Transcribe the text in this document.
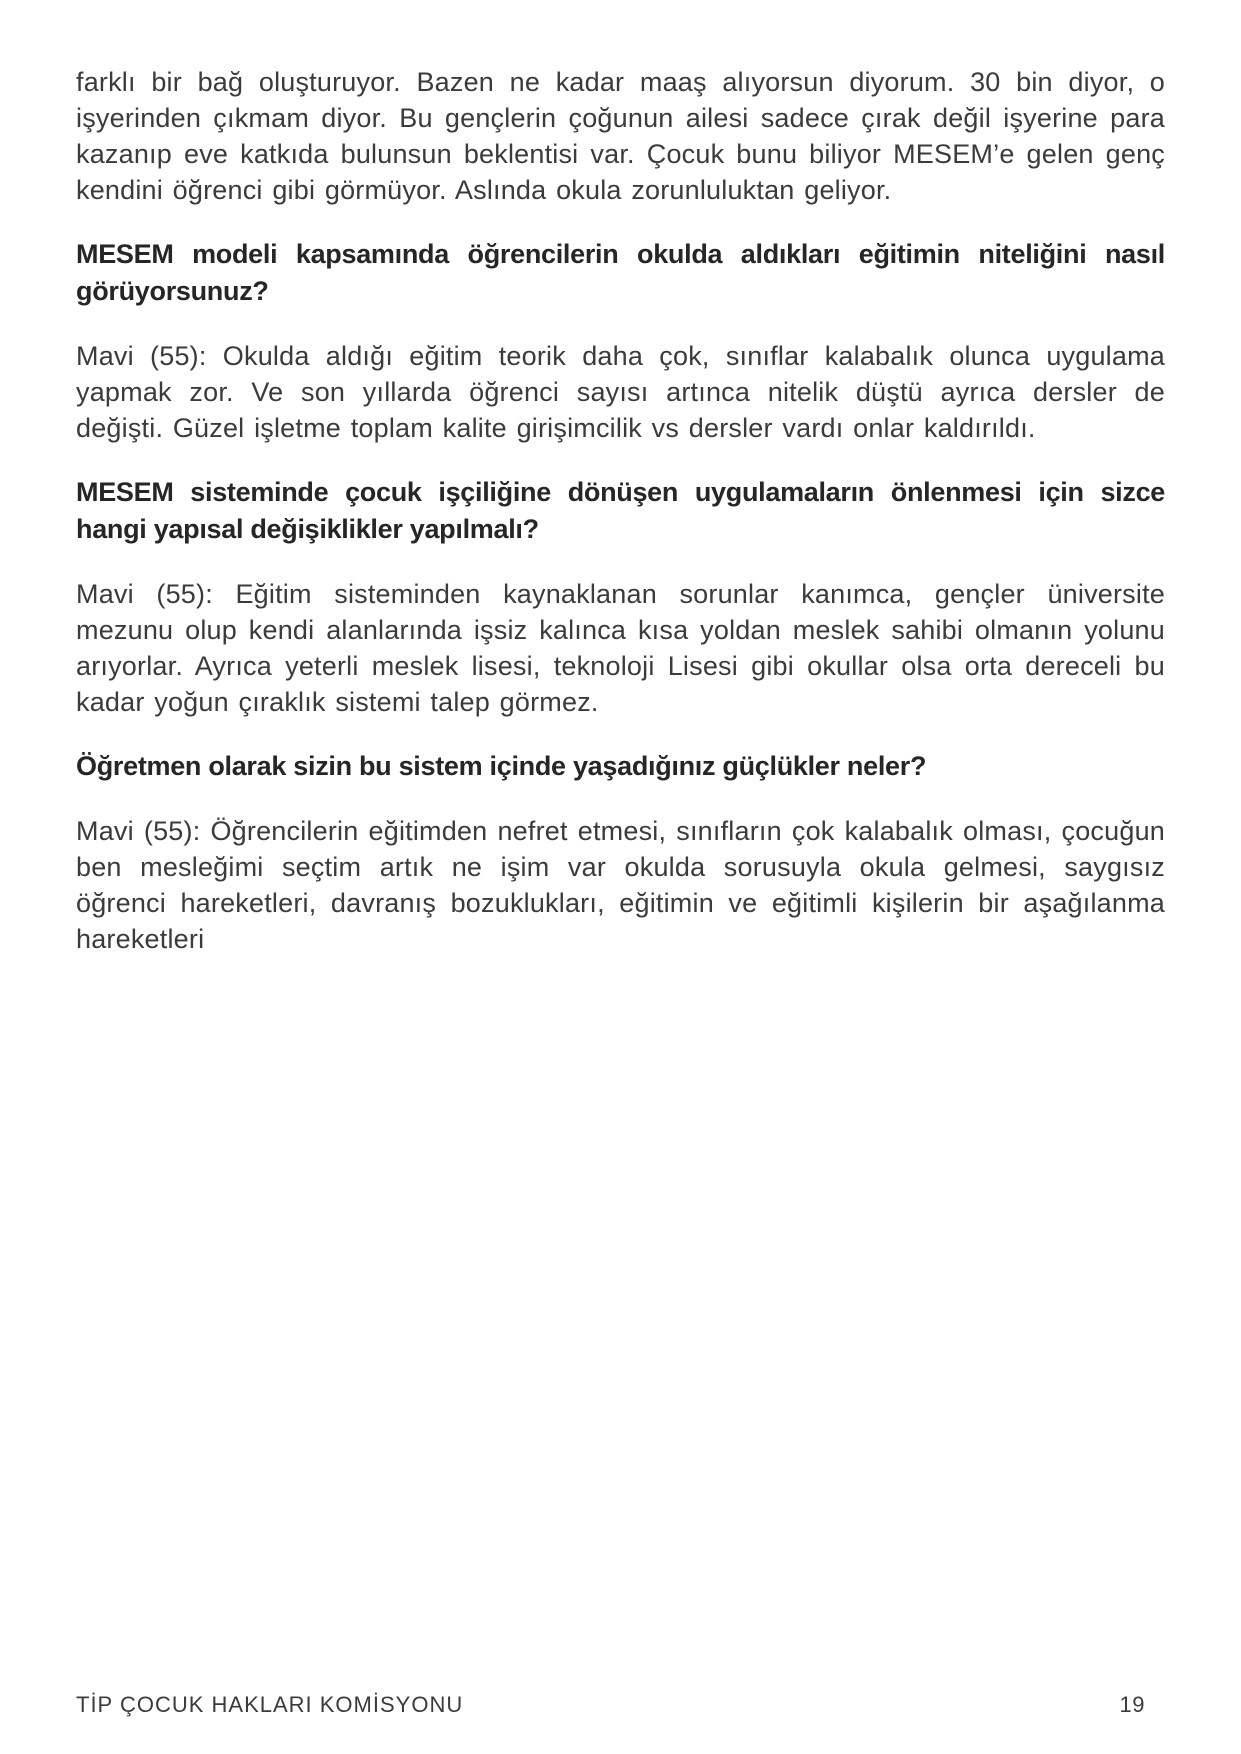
farklı bir bağ oluşturuyor. Bazen ne kadar maaş alıyorsun diyorum. 30 bin diyor, o işyerinden çıkmam diyor. Bu gençlerin çoğunun ailesi sadece çırak değil işyerine para kazanıp eve katkıda bulunsun beklentisi var. Çocuk bunu biliyor MESEM’e gelen genç kendini öğrenci gibi görmüyor. Aslında okula zorunluluktan geliyor.

MESEM modeli kapsamında öğrencilerin okulda aldıkları eğitimin niteliğini nasıl görüyorsunuz?

Mavi (55): Okulda aldığı eğitim teorik daha çok, sınıflar kalabalık olunca uygulama yapmak zor. Ve son yıllarda öğrenci sayısı artınca nitelik düştü ayrıca dersler de değişti. Güzel işletme toplam kalite girişimcilik vs dersler vardı onlar kaldırıldı.

MESEM sisteminde çocuk işçiliğine dönüşen uygulamaların önlenmesi için sizce hangi yapısal değişiklikler yapılmalı?

Mavi (55): Eğitim sisteminden kaynaklanan sorunlar kanımca, gençler üniversite mezunu olup kendi alanlarında işsiz kalınca kısa yoldan meslek sahibi olmanın yolunu arıyorlar. Ayrıca yeterli meslek lisesi, teknoloji Lisesi gibi okullar olsa orta dereceli bu kadar yoğun çıraklık sistemi talep görmez.

Öğretmen olarak sizin bu sistem içinde yaşadığınız güçlükler neler?

Mavi (55): Öğrencilerin eğitimden nefret etmesi, sınıfların çok kalabalık olması, çocuğun ben mesleğimi seçtim artık ne işim var okulda sorusuyla okula gelmesi, saygısız öğrenci hareketleri, davranış bozuklukları, eğitimin ve eğitimli kişilerin bir aşağılanma hareketleri

TİP ÇOCUK HAKLARI KOMİSYONU	19
